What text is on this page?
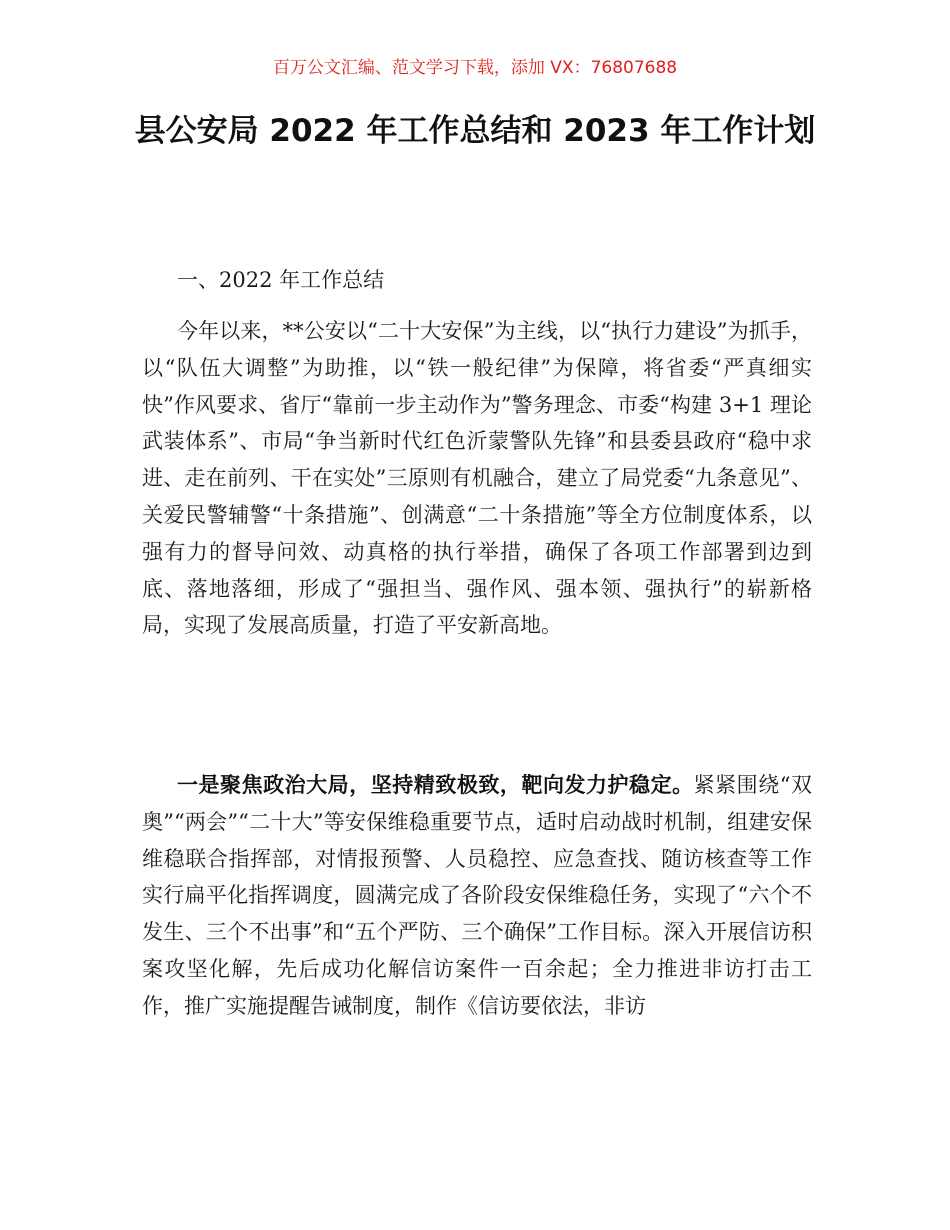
百万公文汇编、范文学习下载，添加 VX：76807688

县公安局 2022 年工作总结和 2023 年工作计划

一、2022 年工作总结

今年以来，**公安以“二十大安保”为主线，以“执行力建设”为抓手，以“队伍大调整”为助推，以“铁一般纪律”为保障，将省委“严真细实快”作风要求、省厅“靠前一步主动作为”警务理念、市委“构建 3+1 理论武装体系”、市局“争当新时代红色沂蒙警队先锋”和县委县政府“稳中求进、走在前列、干在实处”三原则有机融合，建立了局党委“九条意见”、关爱民警辅警“十条措施”、创满意“二十条措施”等全方位制度体系，以强有力的督导问效、动真格的执行举措，确保了各项工作部署到边到底、落地落细，形成了“强担当、强作风、强本领、强执行”的崭新格局，实现了发展高质量，打造了平安新高地。

一是聚焦政治大局，坚持精致极致，靶向发力护稳定。紧紧围绕“双奥”“两会”“二十大”等安保维稳重要节点，适时启动战时机制，组建安保维稳联合指挥部，对情报预警、人员稳控、应急查找、随访核查等工作实行扁平化指挥调度，圆满完成了各阶段安保维稳任务，实现了“六个不发生、三个不出事”和“五个严防、三个确保”工作目标。深入开展信访积案攻坚化解，先后成功化解信访案件一百余起；全力推进非访打击工作，推广实施提醒告诫制度，制作《信访要依法，非访
